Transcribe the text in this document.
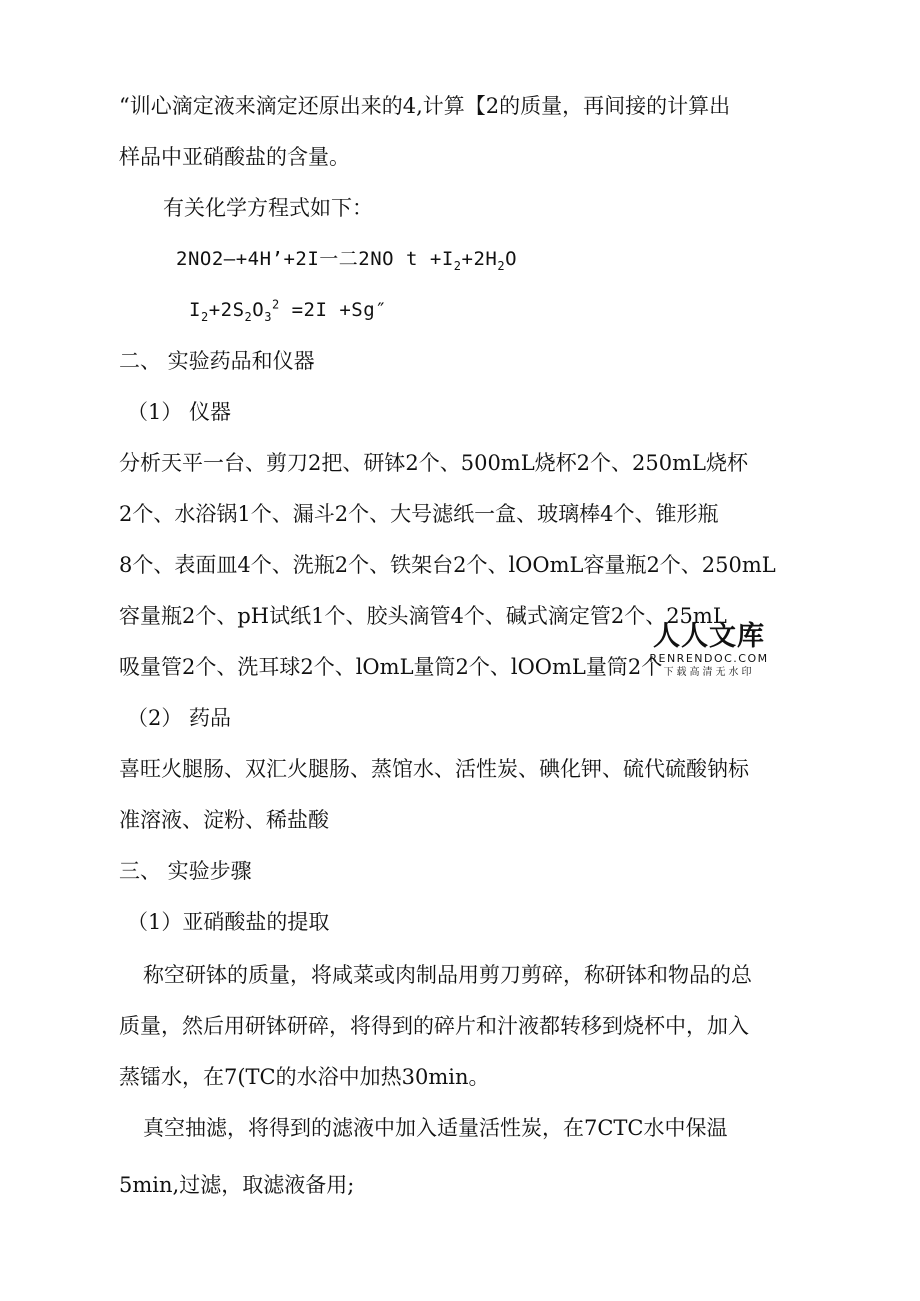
“训心滴定液来滴定还原出来的4,计算【2的质量，再间接的计算出
样品中亚硝酸盐的含量。
有关化学方程式如下：
2NO2—+4H’+2I一二2NO $t +I_2+2H_2O$
$I_2+2S_2O_3^2 =2I +Sg''$
二、 实验药品和仪器
（1） 仪器
分析天平一台、剪刀2把、研钵2个、500mL烧杯2个、250mL烧杯
2个、水浴锅1个、漏斗2个、大号滤纸一盒、玻璃棒4个、锥形瓶
8个、表面皿4个、洗瓶2个、铁架台2个、lOOmL容量瓶2个、250mL
容量瓶2个、pH试纸1个、胶头滴管4个、碱式滴定管2个、25mL
吸量管2个、洗耳球2个、lOmL量筒2个、lOOmL量筒2个
（2） 药品
喜旺火腿肠、双汇火腿肠、蒸馆水、活性炭、碘化钾、硫代硫酸钠标
准溶液、淀粉、稀盐酸
三、 实验步骤
（1）亚硝酸盐的提取
称空研钵的质量，将咸菜或肉制品用剪刀剪碎，称研钵和物品的总
质量，然后用研钵研碎，将得到的碎片和汁液都转移到烧杯中，加入
蒸镭水，在7(TC的水浴中加热30min。
真空抽滤，将得到的滤液中加入适量活性炭，在7CTC水中保温
5min,过滤，取滤液备用;
人人文库
RENRENDOC.COM
下载高清无水印
